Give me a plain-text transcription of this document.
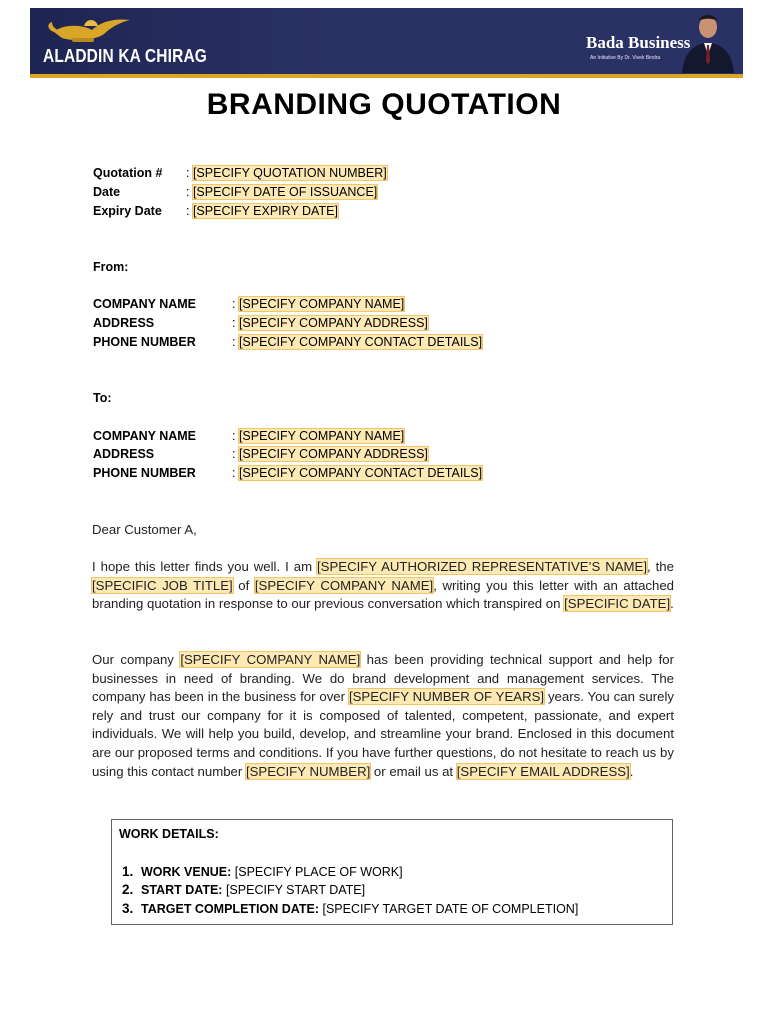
ALADDIN KA CHIRAG
Bada Business
An Initiative By Dr. Vivek Bindra
BRANDING QUOTATION
Quotation # : [SPECIFY QUOTATION NUMBER]
Date	: [SPECIFY DATE OF ISSUANCE]
Expiry Date : [SPECIFY EXPIRY DATE]
From:
COMPANY NAME	: [SPECIFY COMPANY NAME]
ADDRESS	: [SPECIFY COMPANY ADDRESS]
PHONE NUMBER	: [SPECIFY COMPANY CONTACT DETAILS]
To:
COMPANY NAME	: [SPECIFY COMPANY NAME]
ADDRESS	: [SPECIFY COMPANY ADDRESS]
PHONE NUMBER	: [SPECIFY COMPANY CONTACT DETAILS]
Dear Customer A,

I hope this letter finds you well. I am [SPECIFY AUTHORIZED REPRESENTATIVE’S NAME], the [SPECIFIC JOB TITLE] of [SPECIFY COMPANY NAME], writing you this letter with an attached branding quotation in response to our previous conversation which transpired on [SPECIFIC DATE].

Our company [SPECIFY COMPANY NAME] has been providing technical support and help for businesses in need of branding. We do brand development and management services. The company has been in the business for over [SPECIFY NUMBER OF YEARS] years. You can surely rely and trust our company for it is composed of talented, competent, passionate, and expert individuals. We will help you build, develop, and streamline your brand. Enclosed in this document are our proposed terms and conditions. If you have further questions, do not hesitate to reach us by using this contact number [SPECIFY NUMBER] or email us at [SPECIFY EMAIL ADDRESS].

WORK DETAILS:
1. WORK VENUE: [SPECIFY PLACE OF WORK]
2. START DATE: [SPECIFY START DATE]
3. TARGET COMPLETION DATE: [SPECIFY TARGET DATE OF COMPLETION]
